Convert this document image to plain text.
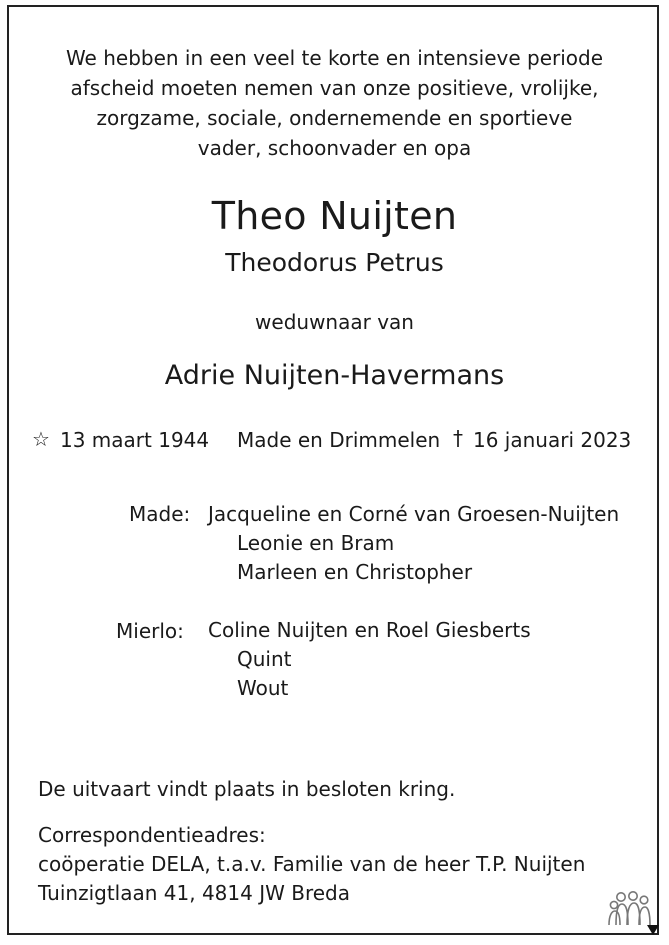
We hebben in een veel te korte en intensieve periode
afscheid moeten nemen van onze positieve, vrolijke,
zorgzame, sociale, ondernemende en sportieve
vader, schoonvader en opa
Theo Nuijten
Theodorus Petrus
weduwnaar van
Adrie Nuijten-Havermans
☆ 13 maart 1944 Made en Drimmelen † 16 januari 2023
Made: Jacqueline en Corné van Groesen-Nuijten
Leonie en Bram
Marleen en Christopher
Mierlo: Coline Nuijten en Roel Giesberts
Quint
Wout
De uitvaart vindt plaats in besloten kring.
Correspondentieadres:
coöperatie DELA, t.a.v. Familie van de heer T.P. Nuijten
Tuinzigtlaan 41, 4814 JW Breda
